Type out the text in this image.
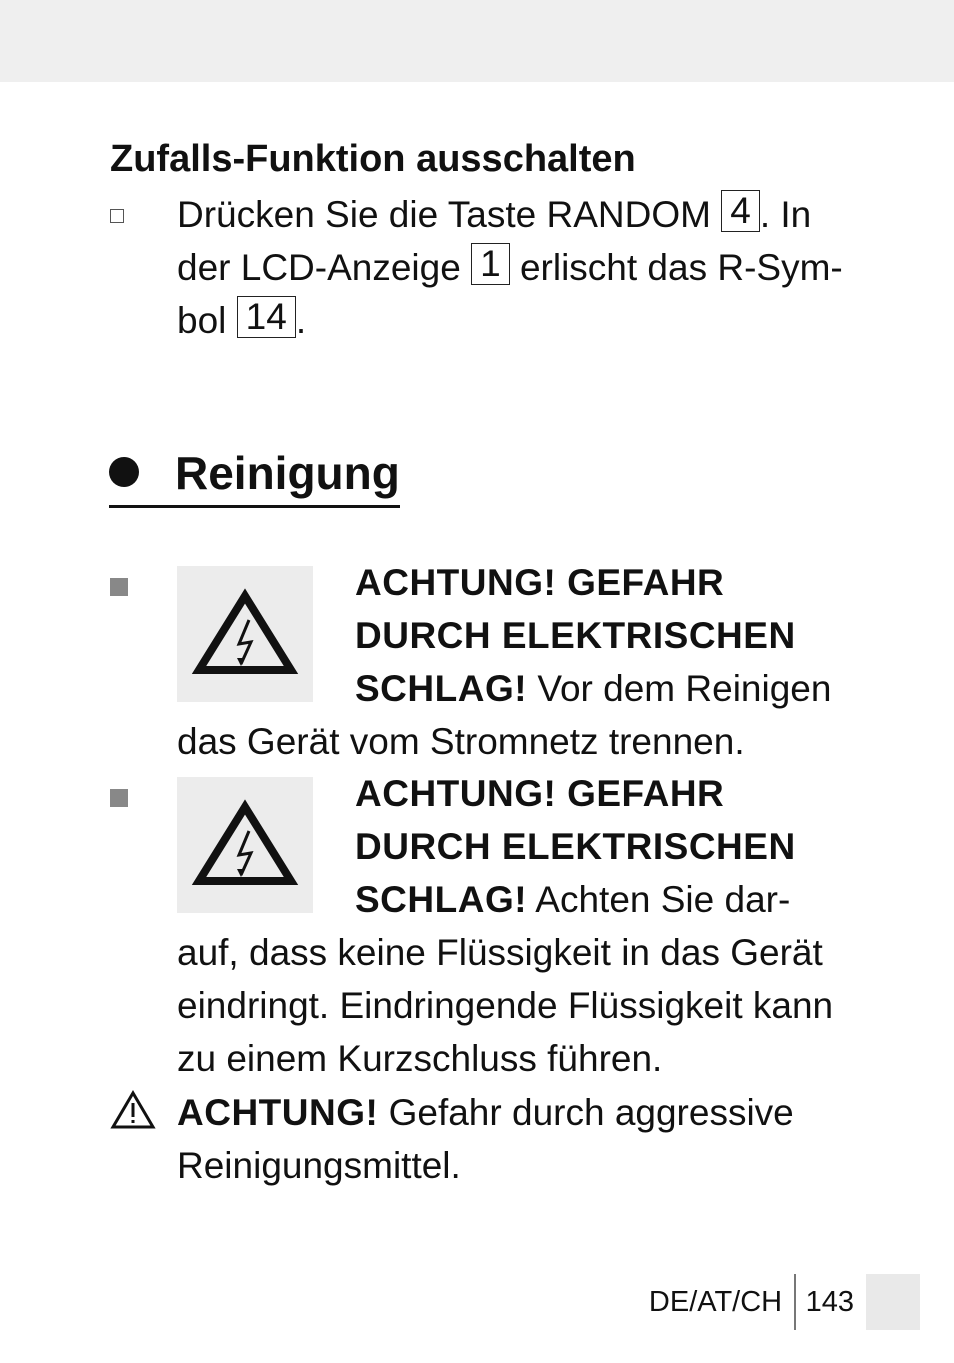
Zufalls-Funktion ausschalten

Drücken Sie die Taste RANDOM 4 . In
der LCD-Anzeige 1 erlischt das R-Sym-
bol 14 .

Reinigung

ACHTUNG! GEFAHR
DURCH ELEKTRISCHEN
SCHLAG! Vor dem Reinigen
das Gerät vom Stromnetz trennen.

ACHTUNG! GEFAHR
DURCH ELEKTRISCHEN
SCHLAG! Achten Sie dar-
auf, dass keine Flüssigkeit in das Gerät
eindringt. Eindringende Flüssigkeit kann
zu einem Kurzschluss führen.

ACHTUNG! Gefahr durch aggressive
Reinigungsmittel.

DE/AT/CH 143
